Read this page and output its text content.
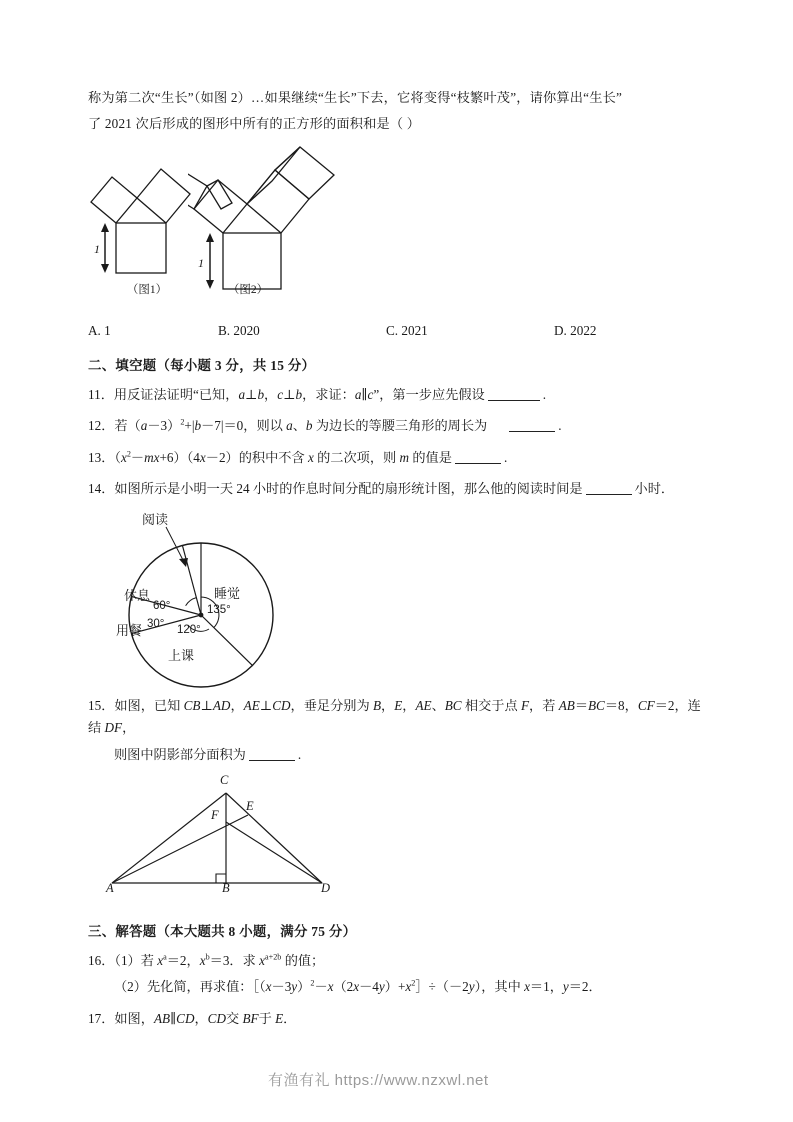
称为第二次“生长”（如图 2）…如果继续“生长”下去，它将变得“枝繁叶茂”，请你算出“生长”

了 2021 次后形成的图形中所有的正方形的面积和是（ ）

1
（图1）
1
（图2）
A. 1	B. 2020	C. 2021	D. 2022
二、填空题（每小题 3 分，共 15 分）

11．用反证法证明“已知，a⊥b，c⊥b，求证：a∥c”，第一步应先假设	.

12．若$(a-3)^2+|b-7|=0$，则以 a、b 为边长的等腰三角形的周长为	.

13．$(x^2-mx+6)(4x-2)$的积中不含 x 的二次项，则 m 的值是	.

14．如图所示是小明一天 24 小时的作息时间分配的扇形统计图，那么他的阅读时间是	小时．

阅读
休息
用餐
睡觉
上课
60°
30°
135°
120°

15．如图，已知 CB⊥AD，AE⊥CD，垂足分别为 B，E，AE、BC 相交于点 F，若 AB＝BC＝8，CF＝2，连结 DF，

则图中阴影部分面积为	.

A	B
C
D
E
F
三、解答题（本大题共 8 小题，满分 75 分）

16．（1）若 $x^a=2$，$x^b=3$．求 $x^{a+2b}$ 的值；

（2）先化简，再求值：$[(x-3y)^2-x(2x-4y)+x^2]\div(-2y)$，其中 x＝1，y＝2．

17．如图，AB∥CD，CD交 BF于 E．

有渔有礼 https://www.nzxwl.net
